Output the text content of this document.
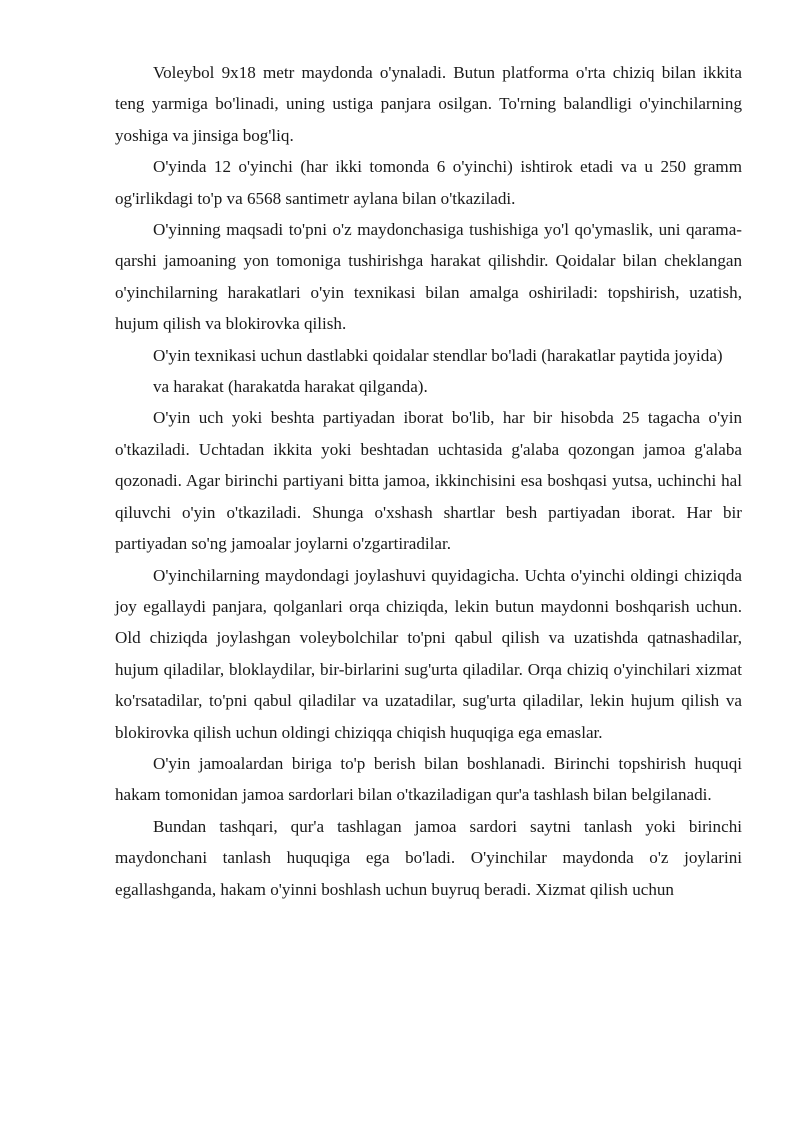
Voleybol 9x18 metr maydonda o'ynaladi. Butun platforma o'rta chiziq bilan ikkita teng yarmiga bo'linadi, uning ustiga panjara osilgan. To'rning balandligi o'yinchilarning yoshiga va jinsiga bog'liq.

O'yinda 12 o'yinchi (har ikki tomonda 6 o'yinchi) ishtirok etadi va u 250 gramm og'irlikdagi to'p va 6568 santimetr aylana bilan o'tkaziladi.

O'yinning maqsadi to'pni o'z maydonchasiga tushishiga yo'l qo'ymaslik, uni qarama-qarshi jamoaning yon tomoniga tushirishga harakat qilishdir. Qoidalar bilan cheklangan o'yinchilarning harakatlari o'yin texnikasi bilan amalga oshiriladi: topshirish, uzatish, hujum qilish va blokirovka qilish.

O'yin texnikasi uchun dastlabki qoidalar stendlar bo'ladi (harakatlar paytida joyida) va harakat (harakatda harakat qilganda).

O'yin uch yoki beshta partiyadan iborat bo'lib, har bir hisobda 25 tagacha o'yin o'tkaziladi. Uchtadan ikkita yoki beshtadan uchtasida g'alaba qozongan jamoa g'alaba qozonadi. Agar birinchi partiyani bitta jamoa, ikkinchisini esa boshqasi yutsa, uchinchi hal qiluvchi o'yin o'tkaziladi. Shunga o'xshash shartlar besh partiyadan iborat. Har bir partiyadan so'ng jamoalar joylarni o'zgartiradilar.

O'yinchilarning maydondagi joylashuvi quyidagicha. Uchta o'yinchi oldingi chiziqda joy egallaydi panjara, qolganlari orqa chiziqda, lekin butun maydonni boshqarish uchun. Old chiziqda joylashgan voleybolchilar to'pni qabul qilish va uzatishda qatnashadilar, hujum qiladilar, bloklaydilar, bir-birlarini sug'urta qiladilar. Orqa chiziq o'yinchilari xizmat ko'rsatadilar, to'pni qabul qiladilar va uzatadilar, sug'urta qiladilar, lekin hujum qilish va blokirovka qilish uchun oldingi chiziqqa chiqish huquqiga ega emaslar.

O'yin jamoalardan biriga to'p berish bilan boshlanadi. Birinchi topshirish huquqi hakam tomonidan jamoa sardorlari bilan o'tkaziladigan qur'a tashlash bilan belgilanadi.

Bundan tashqari, qur'a tashlagan jamoa sardori saytni tanlash yoki birinchi maydonchani tanlash huquqiga ega bo'ladi. O'yinchilar maydonda o'z joylarini egallashganda, hakam o'yinni boshlash uchun buyruq beradi. Xizmat qilish uchun
